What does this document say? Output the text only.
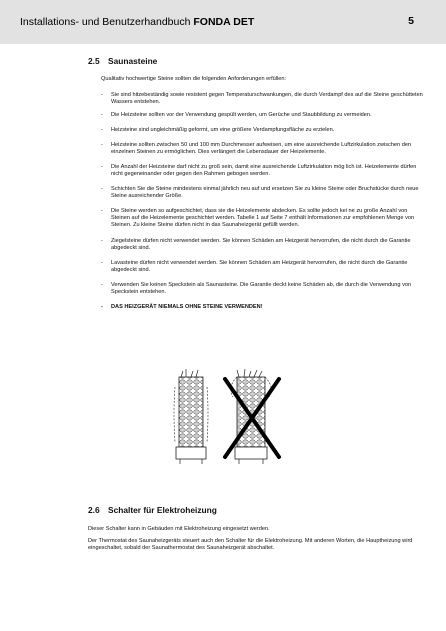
Installations- und Benutzerhandbuch FONDA DET	5
2.5 Saunasteine

Qualitativ hochwertige Steine sollten die folgenden Anforderungen erfüllen:

- Sie sind hitzebeständig sowie resistent gegen Temperaturschwankungen, die durch Verdampf des auf die Steine geschütteten Wassers entstehen.
- Die Heizsteine sollten vor der Verwendung gespült werden, um Gerüche und Staubbildung zu vermeiden.
- Heizsteine sind ungleichmäßig geformt, um eine größere Verdampfungsfläche zu erzielen.
- Heizsteine sollten zwischen 50 und 100 mm Durchmesser aufweisen, um eine ausreichende Luftzirkulation zwischen den einzelnen Steinen zu ermöglichen. Dies verlängert die Lebensdauer der Heizelemente.
- Die Anzahl der Heizsteine darf nicht zu groß sein, damit eine ausreichende Luftzirkulation mög lich ist. Heizelemente dürfen nicht gegeneinander oder gegen den Rahmen gebogen werden.
- Schichten Sie die Steine mindestens einmal jährlich neu auf und ersetzen Sie zu kleine Steine oder Bruchstücke durch neue Steine ausreichender Größe.
- Die Steine werden so aufgeschichtet, dass sie die Heizelemente abdecken. Es sollte jedoch kei ne zu große Anzahl von Steinen auf die Heizelemente geschichtet werden. Tabelle 1 auf Seite 7 enthält Informationen zur empfohlenen Menge von Steinen. Zu kleine Steine dürfen nicht in das Saunaheizgerät gefüllt werden.
- Ziegelsteine dürfen nicht verwendet werden. Sie können Schäden am Heizgerät hervorrufen, die nicht durch die Garantie abgedeckt sind.
- Lavasteine dürfen nicht verwendet werden. Sie können Schäden am Heizgerät hervorrufen, die nicht durch die Garantie abgedeckt sind.
- Verwenden Sie keinen Speckstein als Saunasteine. Die Garantie deckt keine Schäden ab, die durch die Verwendung von Speckstein entstehen.
- DAS HEIZGERÄT NIEMALS OHNE STEINE VERWENDEN!
2.6 Schalter für Elektroheizung

Dieser Schalter kann in Gebäuden mit Elektroheizung eingesetzt werden.

Der Thermostat des Saunaheizgeräts steuert auch den Schalter für die Elektroheizung. Mit anderen Worten, die Hauptheizung wird eingeschaltet, sobald der Saunathermostat des Saunaheizgerät abschaltet.
